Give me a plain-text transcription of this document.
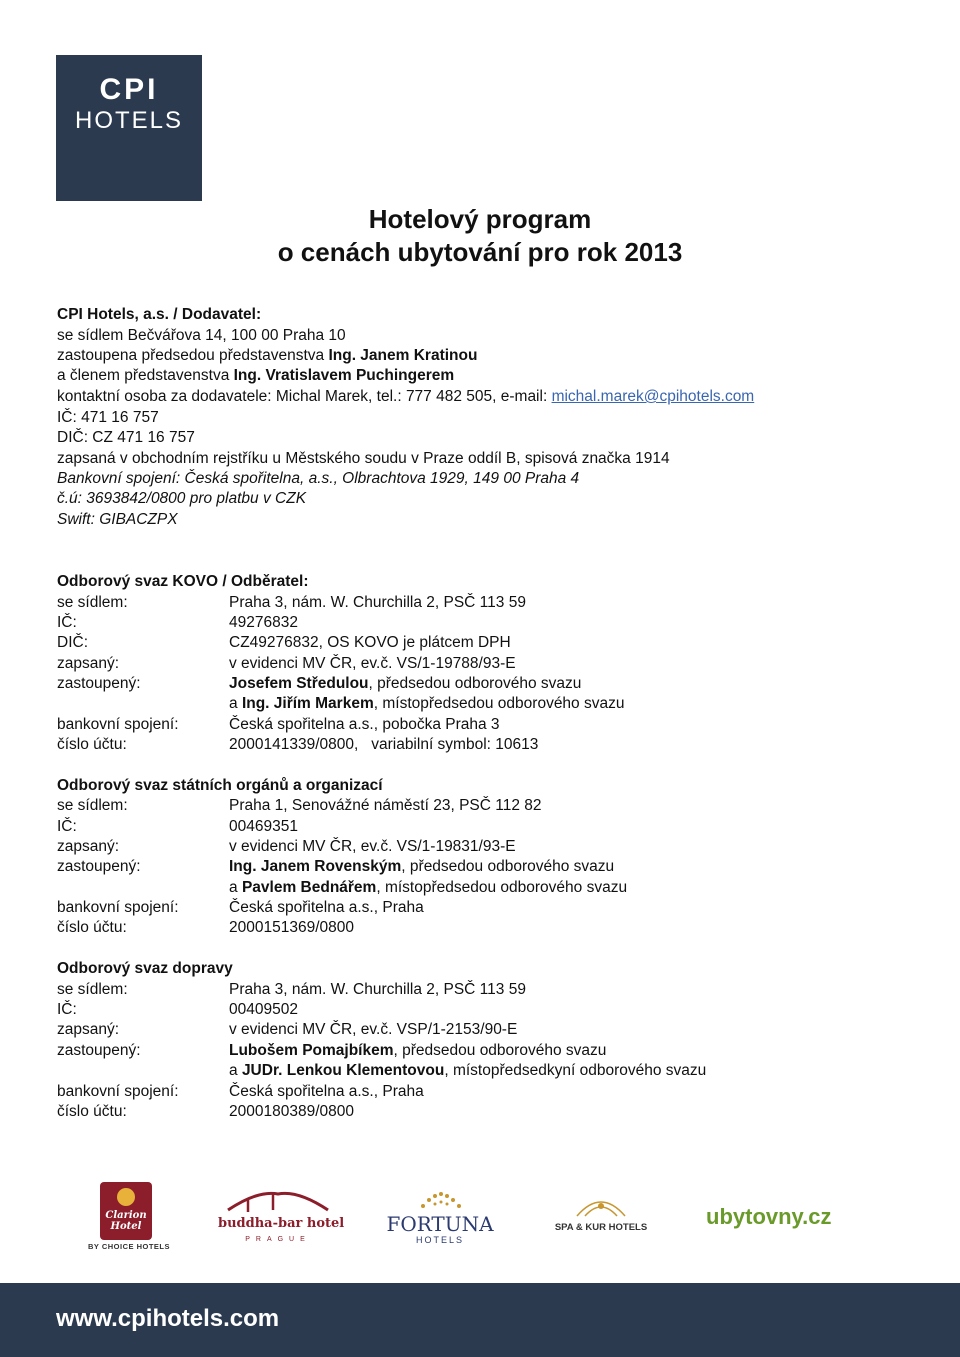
CPI
HOTELS
Hotelový program
o cenách ubytování pro rok 2013
CPI Hotels, a.s. / Dodavatel:
se sídlem Bečvářova 14, 100 00 Praha 10
zastoupena předsedou představenstva Ing. Janem Kratinou
a členem představenstva Ing. Vratislavem Puchingerem
kontaktní osoba za dodavatele: Michal Marek, tel.: 777 482 505, e-mail: michal.marek@cpihotels.com
IČ: 471 16 757
DIČ: CZ 471 16 757
zapsaná v obchodním rejstříku u Městského soudu v Praze oddíl B, spisová značka 1914
Bankovní spojení: Česká spořitelna, a.s., Olbrachtova 1929, 149 00 Praha 4
č.ú: 3693842/0800 pro platbu v CZK
Swift: GIBACZPX
Odborový svaz KOVO / Odběratel:
se sídlem:	Praha 3, nám. W. Churchilla 2, PSČ 113 59
IČ:	49276832
DIČ:	CZ49276832, OS KOVO je plátcem DPH
zapsaný:	v evidenci MV ČR, ev.č. VS/1-19788/93-E
zastoupený:	Josefem Středulou, předsedou odborového svazu
a Ing. Jiřím Markem, místopředsedou odborového svazu
bankovní spojení:	Česká spořitelna a.s., pobočka Praha 3
číslo účtu:	2000141339/0800,   variabilní symbol: 10613
Odborový svaz státních orgánů a organizací
se sídlem:	Praha 1, Senovážné náměstí 23, PSČ 112 82
IČ:	00469351
zapsaný:	v evidenci MV ČR, ev.č. VS/1-19831/93-E
zastoupený:	Ing. Janem Rovenským, předsedou odborového svazu
a Pavlem Bednářem, místopředsedou odborového svazu
bankovní spojení:	Česká spořitelna a.s., Praha
číslo účtu:	2000151369/0800
Odborový svaz dopravy
se sídlem:	Praha 3, nám. W. Churchilla 2, PSČ 113 59
IČ:	00409502
zapsaný:	v evidenci MV ČR, ev.č. VSP/1-2153/90-E
zastoupený:	Lubošem Pomajbíkem, předsedou odborového svazu
a JUDr. Lenkou Klementovou, místopředsedkyní odborového svazu
bankovní spojení:	Česká spořitelna a.s., Praha
číslo účtu:	2000180389/0800
Clarion Hotel
BY CHOICE HOTELS
buddha-bar hotel
PRAGUE
FORTUNA
HOTELS
SPA & KUR HOTELS	ubytovny.cz
www.cpihotels.com
